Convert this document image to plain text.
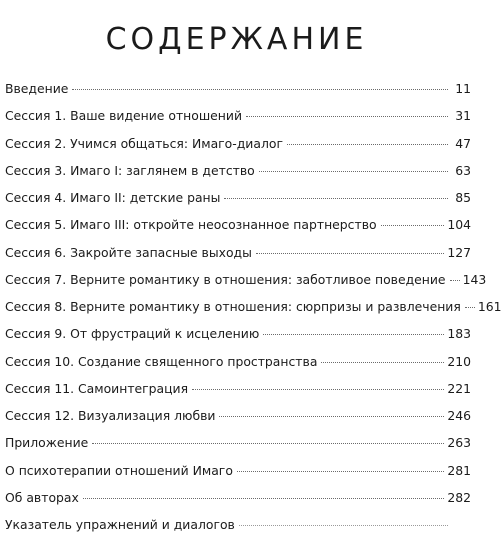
СОДЕРЖАНИЕ
Введение	11
Сессия 1. Ваше видение отношений	31
Сессия 2. Учимся общаться: Имаго-диалог	47
Сессия 3. Имаго I: заглянем в детство	63
Сессия 4. Имаго II: детские раны	85
Сессия 5. Имаго III: откройте неосознанное партнерство	104
Сессия 6. Закройте запасные выходы	127
Сессия 7. Верните романтику в отношения: заботливое поведение 143
Сессия 8. Верните романтику в отношения: сюрпризы и развлечения 161
Сессия 9. От фрустраций к исцелению	183
Сессия 10. Создание священного пространства	210
Сессия 11. Самоинтеграция	221
Сессия 12. Визуализация любви	246
Приложение	263
О психотерапии отношений Имаго	281
Об авторах	282
Указатель упражнений и диалогов
